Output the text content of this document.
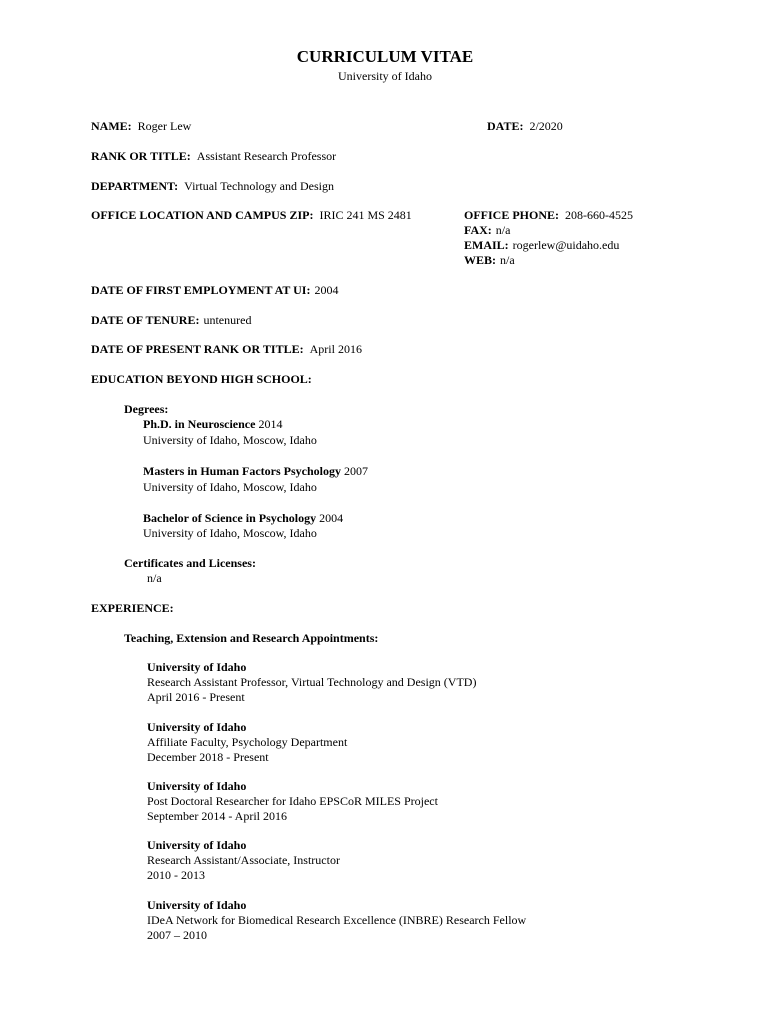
CURRICULUM VITAE
University of Idaho
NAME: Roger Lew	DATE: 2/2020
RANK OR TITLE: Assistant Research Professor
DEPARTMENT: Virtual Technology and Design
OFFICE LOCATION AND CAMPUS ZIP: IRIC 241 MS 2481	OFFICE PHONE: 208-660-4525
FAX: n/a
EMAIL: rogerlew@uidaho.edu
WEB: n/a
DATE OF FIRST EMPLOYMENT AT UI: 2004
DATE OF TENURE: untenured
DATE OF PRESENT RANK OR TITLE: April 2016
EDUCATION BEYOND HIGH SCHOOL:
Degrees:
Ph.D. in Neuroscience 2014
University of Idaho, Moscow, Idaho
Masters in Human Factors Psychology 2007
University of Idaho, Moscow, Idaho
Bachelor of Science in Psychology 2004
University of Idaho, Moscow, Idaho
Certificates and Licenses:
n/a
EXPERIENCE:
Teaching, Extension and Research Appointments:
University of Idaho
Research Assistant Professor, Virtual Technology and Design (VTD)
April 2016 - Present
University of Idaho
Affiliate Faculty, Psychology Department
December 2018 - Present
University of Idaho
Post Doctoral Researcher for Idaho EPSCoR MILES Project
September 2014 - April 2016
University of Idaho
Research Assistant/Associate, Instructor
2010 - 2013
University of Idaho
IDeA Network for Biomedical Research Excellence (INBRE) Research Fellow
2007 – 2010
